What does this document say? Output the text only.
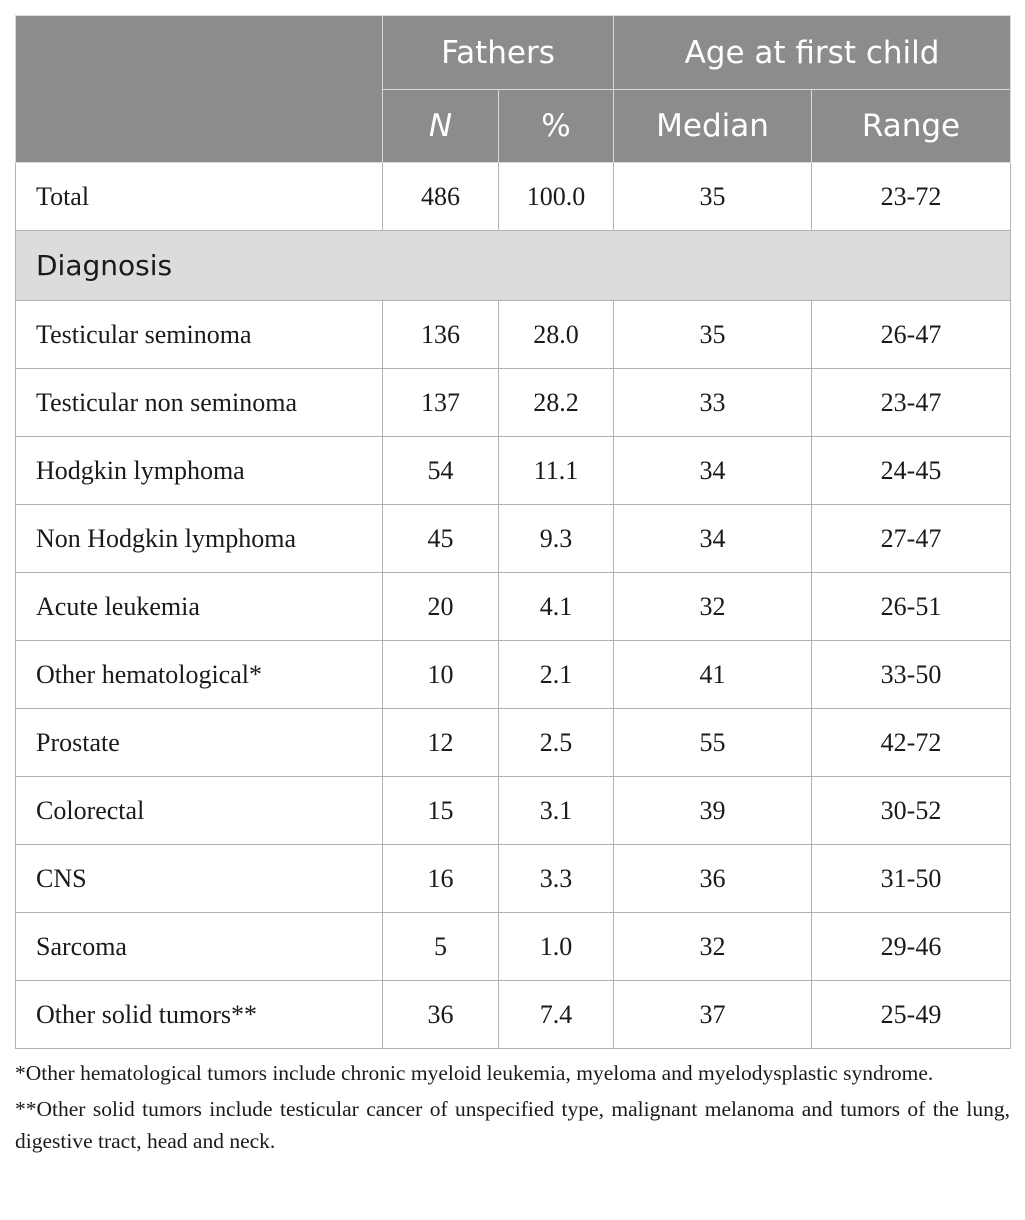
	Fathers		Age at first child	
	N	%	Median	Range
Total	486	100.0	35	23-72
Diagnosis				
Testicular seminoma	136	28.0	35	26-47
Testicular non seminoma	137	28.2	33	23-47
Hodgkin lymphoma	54	11.1	34	24-45
Non Hodgkin lymphoma	45	9.3	34	27-47
Acute leukemia	20	4.1	32	26-51
Other hematological*	10	2.1	41	33-50
Prostate	12	2.5	55	42-72
Colorectal	15	3.1	39	30-52
CNS	16	3.3	36	31-50
Sarcoma	5	1.0	32	29-46
Other solid tumors**	36	7.4	37	25-49

*Other hematological tumors include chronic myeloid leukemia, myeloma and myelodysplastic syndrome.

**Other solid tumors include testicular cancer of unspecified type, malignant melanoma and tumors of the lung, digestive tract, head and neck.
